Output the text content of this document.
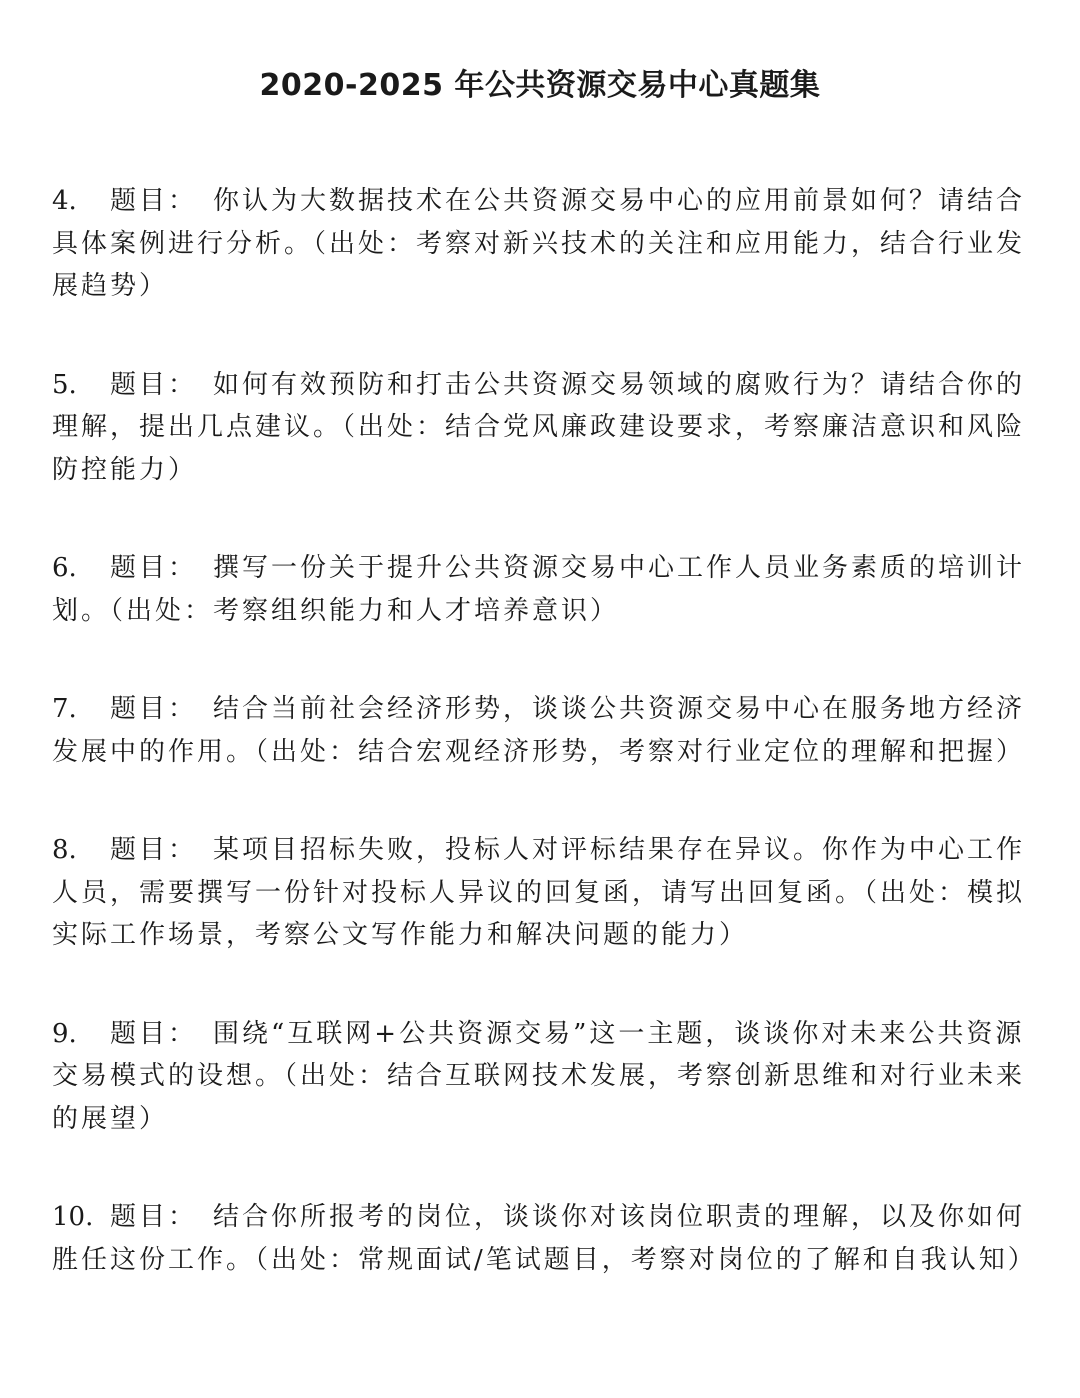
2020-2025 年公共资源交易中心真题集
4. 题目： 你认为大数据技术在公共资源交易中心的应用前景如何？请结合具体案例进行分析。（出处：考察对新兴技术的关注和应用能力，结合行业发展趋势）
5. 题目： 如何有效预防和打击公共资源交易领域的腐败行为？请结合你的理解，提出几点建议。（出处：结合党风廉政建设要求，考察廉洁意识和风险防控能力）
6. 题目： 撰写一份关于提升公共资源交易中心工作人员业务素质的培训计划。（出处：考察组织能力和人才培养意识）
7. 题目： 结合当前社会经济形势，谈谈公共资源交易中心在服务地方经济发展中的作用。（出处：结合宏观经济形势，考察对行业定位的理解和把握）
8. 题目： 某项目招标失败，投标人对评标结果存在异议。你作为中心工作人员，需要撰写一份针对投标人异议的回复函，请写出回复函。（出处：模拟实际工作场景，考察公文写作能力和解决问题的能力）
9. 题目： 围绕“互联网+公共资源交易”这一主题，谈谈你对未来公共资源交易模式的设想。（出处：结合互联网技术发展，考察创新思维和对行业未来的展望）
10. 题目： 结合你所报考的岗位，谈谈你对该岗位职责的理解，以及你如何胜任这份工作。（出处：常规面试/笔试题目，考察对岗位的了解和自我认知）
